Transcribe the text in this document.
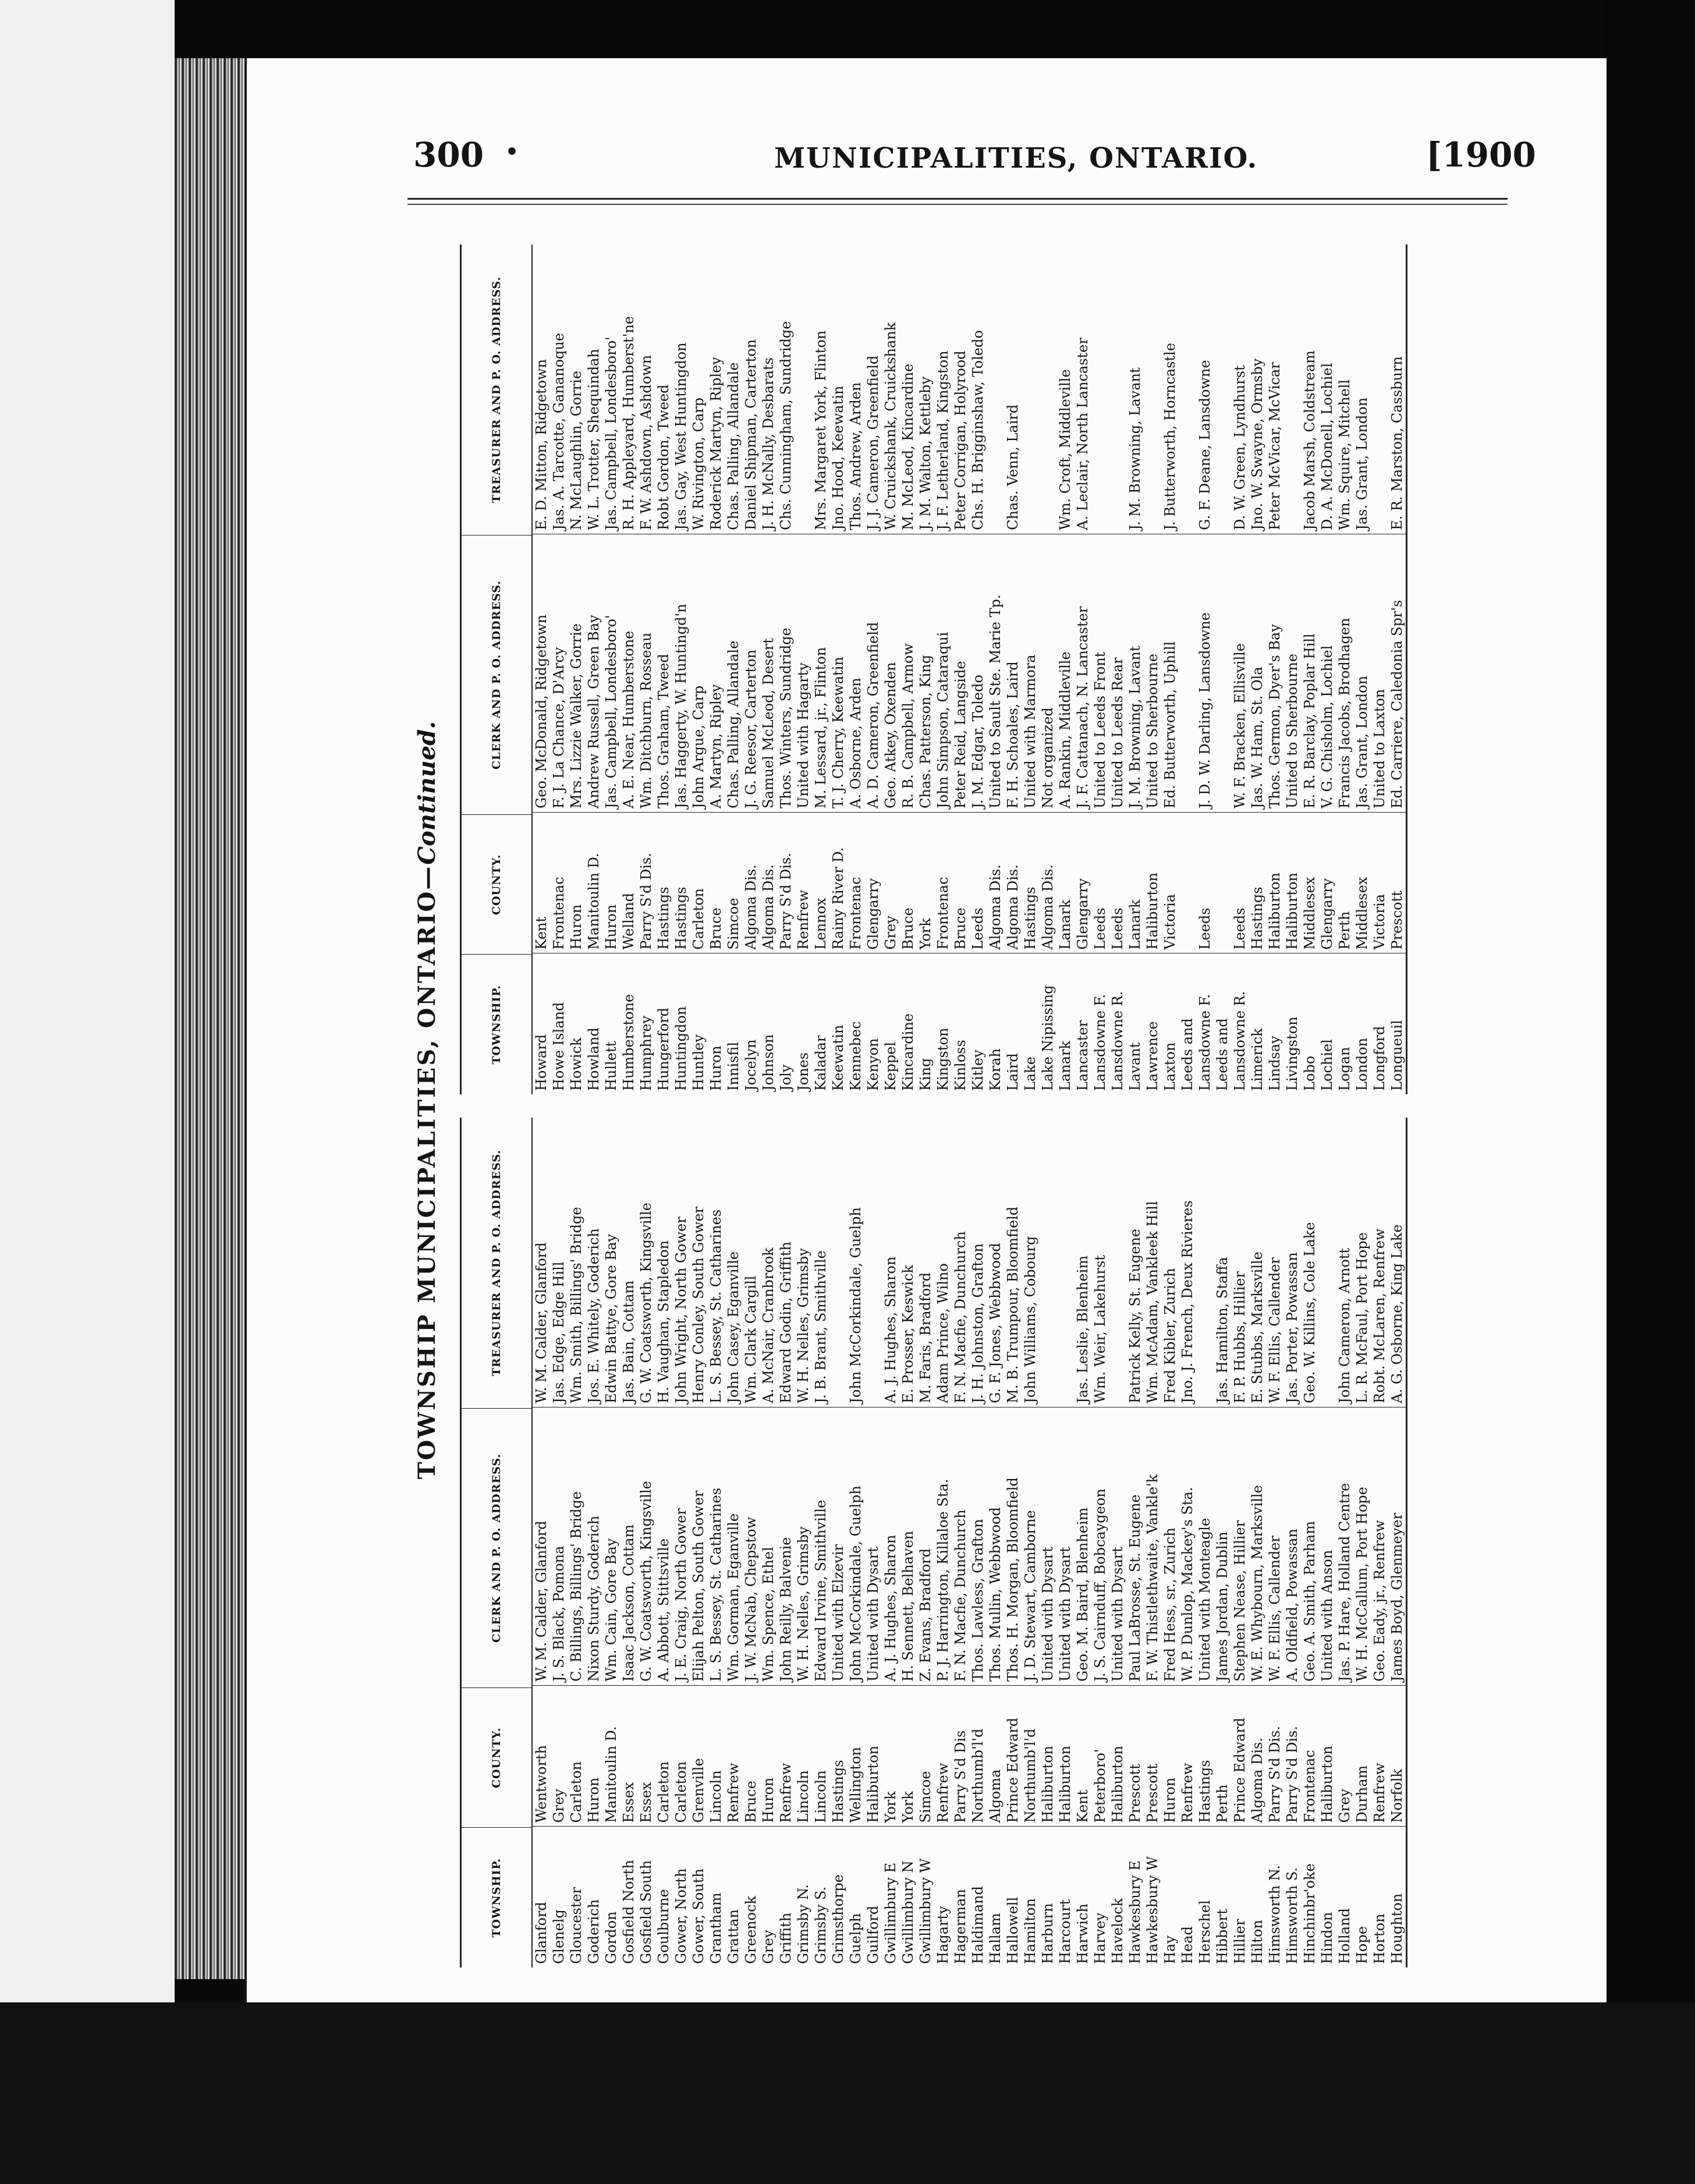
300 •	MUNICIPALITIES, ONTARIO.	[1900
TOWNSHIP MUNICIPALITIES, ONTARIO—Continued.
TOWNSHIP.
COUNTY.
CLERK AND P. O. ADDRESS.
TREASURER AND P. O. ADDRESS.
Glanford
Wentworth
W. M. Calder, Glanford
W. M. Calder, Glanford
Glenelg
Grey
J. S. Black, Pomona
Jas. Edge, Edge Hill
Gloucester
Carleton
C. Billings, Billings' Bridge
Wm. Smith, Billings' Bridge
Goderich
Huron
Nixon Sturdy, Goderich
Jos. E. Whitely, Goderich
Gordon
Manitoulin D.
Wm. Cain, Gore Bay
Edwin Battye, Gore Bay
Gosfield North
Essex
Isaac Jackson, Cottam
Jas. Bain, Cottam
Gosfield South
Essex
G. W. Coatsworth, Kingsville
G. W. Coatsworth, Kingsville
Goulburne
Carleton
A. Abbott, Stittsville
H. Vaughan, Stapledon
Gower, North
Carleton
J. E. Craig, North Gower
John Wright, North Gower
Gower, South
Grenville
Elijah Pelton, South Gower
Henry Conley, South Gower
Grantham
Lincoln
L. S. Bessey, St. Catharines
L. S. Bessey, St. Catharines
Grattan
Renfrew
Wm. Gorman, Eganville
John Casey, Eganville
Greenock
Bruce
J. W. McNab, Chepstow
Wm. Clark Cargill
Grey
Huron
Wm. Spence, Ethel
A. McNair, Cranbrook
Griffith
Renfrew
John Reilly, Balvenie
Edward Godin, Griffith
Grimsby N.
Lincoln
W. H. Nelles, Grimsby
W. H. Nelles, Grimsby
Grimsby S.
Lincoln
Edward Irvine, Smithville
J. B. Brant, Smithville
Grimsthorpe
Hastings
United with Elzevir
Guelph
Wellington
John McCorkindale, Guelph
John McCorkindale, Guelph
Guilford
Haliburton
United with Dysart
Gwillimbury E
York
A. J. Hughes, Sharon
A. J. Hughes, Sharon
Gwillimbury N
York
H. Sennett, Belhaven
E. Prosser, Keswick
Gwillimbury W
Simcoe
Z. Evans, Bradford
M. Faris, Bradford
Hagarty
Renfrew
P. J. Harrington, Killaloe Sta.
Adam Prince, Wilno
Hagerman
Parry S'd Dis
F. N. Macfie, Dunchurch
F. N. Macfie, Dunchurch
Haldimand
Northumb'l'd
Thos. Lawless, Grafton
J. H. Johnston, Grafton
Hallam
Algoma
Thos. Mullin, Webbwood
G. F. Jones, Webbwood
Hallowell
Prince Edward
Thos. H. Morgan, Bloomfield
M. B. Trumpour, Bloomfield
Hamilton
Northumb'l'd
J. D. Stewart, Camborne
John Williams, Cobourg
Harburn
Haliburton
United with Dysart
Harcourt
Haliburton
United with Dysart
Harwich
Kent
Geo. M. Baird, Blenheim
Jas. Leslie, Blenheim
Harvey
Peterboro'
J. S. Cairnduff, Bobcaygeon
Wm. Weir, Lakehurst
Havelock
Haliburton
United with Dysart
Hawkesbury E
Prescott
Paul LaBrosse, St. Eugene
Patrick Kelly, St. Eugene
Hawkesbury W
Prescott
F. W. Thistlethwaite, Vankle'k
Wm. McAdam, Vankleek Hill
Hay
Huron
Fred Hess, sr., Zurich
Fred Kibler, Zurich
Head
Renfrew
W. P. Dunlop, Mackey's Sta.
Jno. J. French, Deux Rivieres
Herschel
Hastings
United with Monteagle
Hibbert
Perth
James Jordan, Dublin
Jas. Hamilton, Staffa
Hillier
Prince Edward
Stephen Nease, Hillier
F. P. Hubbs, Hillier
Hilton
Algoma Dis.
W. E. Whybourn, Marksville
E. Stubbs, Marksville
Himsworth N.
Parry S'd Dis.
W. F. Ellis, Callender
W. F. Ellis, Callender
Himsworth S.
Parry S'd Dis.
A. Oldfield, Powassan
Jas. Porter, Powassan
Hinchinbr'oke
Frontenac
Geo. A. Smith, Parham
Geo. W. Killins, Cole Lake
Hindon
Haliburton
United with Anson
Holland
Grey
Jas. P. Hare, Holland Centre
John Cameron, Arnott
Hope
Durham
W. H. McCallum, Port Hope
L. R. McFaul, Port Hope
Horton
Renfrew
Geo. Eady, jr., Renfrew
Robt. McLaren, Renfrew
Houghton
Norfolk
James Boyd, Glenmeyer
A. G. Osborne, King Lake
TOWNSHIP.
COUNTY.
CLERK AND P. O. ADDRESS.
TREASURER AND P. O. ADDRESS.
Howard
Kent
Geo. McDonald, Ridgetown
E. D. Mitton, Ridgetown
Howe Island
Frontenac
F. J. La Chance, D'Arcy
Jas. A. Tarcotte, Gananoque
Howick
Huron
Mrs. Lizzie Walker, Gorrie
N. McLaughlin, Gorrie
Howland
Manitoulin D.
Andrew Russell, Green Bay
W. L. Trotter, Shequindah
Hullett
Huron
Jas. Campbell, Londesboro'
Jas. Campbell, Londesboro'
Humberstone
Welland
A. E. Near, Humberstone
R. H. Appleyard, Humberst'ne
Humphrey
Parry S'd Dis.
Wm. Ditchburn, Rosseau
F. W. Ashdown, Ashdown
Hungerford
Hastings
Thos. Graham, Tweed
Robt Gordon, Tweed
Huntingdon
Hastings
Jas. Haggerty, W. Huntingd'n
Jas. Gay, West Huntingdon
Huntley
Carleton
John Argue, Carp
W. Rivington, Carp
Huron
Bruce
A. Martyn, Ripley
Roderick Martyn, Ripley
Innisfil
Simcoe
Chas. Palling, Allandale
Chas. Palling, Allandale
Jocelyn
Algoma Dis.
J. G. Reesor, Carterton
Daniel Shipman, Carterton
Johnson
Algoma Dis.
Samuel McLeod, Desert
J. H. McNally, Desbarats
Joly
Parry S'd Dis.
Thos. Winters, Sundridge
Chs. Cunningham, Sundridge
Jones
Renfrew
United with Hagarty
Kaladar
Lennox
M. Lessard, jr., Flinton
Mrs. Margaret York, Flinton
Keewatin
Rainy River D.
T. J. Cherry, Keewatin
Jno. Hood, Keewatin
Kennebec
Frontenac
A. Osborne, Arden
Thos. Andrew, Arden
Kenyon
Glengarry
A. D. Cameron, Greenfield
J. J. Cameron, Greenfield
Keppel
Grey
Geo. Atkey, Oxenden
W. Cruickshank, Cruickshank
Kincardine
Bruce
R. B. Campbell, Armow
M. McLeod, Kincardine
King
York
Chas. Patterson, King
J. M. Walton, Kettleby
Kingston
Frontenac
John Simpson, Cataraqui
J. F. Letherland, Kingston
Kinloss
Bruce
Peter Reid, Langside
Peter Corrigan, Holyrood
Kitley
Leeds
J. M. Edgar, Toledo
Chs. H. Brigginshaw, Toledo
Korah
Algoma Dis.
United to Sault Ste. Marie Tp.
Laird
Algoma Dis.
F. H. Schoales, Laird
Chas. Venn, Laird
Lake
Hastings
United with Marmora
Lake Nipissing
Algoma Dis.
Not organized
Lanark
Lanark
A. Rankin, Middleville
Wm. Croft, Middleville
Lancaster
Glengarry
J. F. Cattanach, N. Lancaster
A. Leclair, North Lancaster
Lansdowne F.
Leeds
United to Leeds Front
Lansdowne R.
Leeds
United to Leeds Rear
Lavant
Lanark
J. M. Browning, Lavant
J. M. Browning, Lavant
Lawrence
Haliburton
United to Sherbourne
Laxton
Victoria
Ed. Butterworth, Uphill
J. Butterworth, Horncastle
Leeds and Lansdowne F.
Leeds
J. D. W. Darling, Lansdowne
G. F. Deane, Lansdowne
Leeds and Lansdowne R.
Leeds
W. F. Bracken, Ellisville
D. W. Green, Lyndhurst
Limerick
Hastings
Jas. W. Ham, St. Ola
Jno. W. Swayne, Ormsby
Lindsay
Haliburton
Thos. Germon, Dyer's Bay
Peter McVicar, McVicar
Livingston
Haliburton
United to Sherbourne
Lobo
Middlesex
E. R. Barclay, Poplar Hill
Jacob Marsh, Coldstream
Lochiel
Glengarry
V. G. Chisholm, Lochiel
D. A. McDonell, Lochiel
Logan
Perth
Francis Jacobs, Brodhagen
Wm. Squire, Mitchell
London
Middlesex
Jas. Grant, London
Jas. Grant, London
Longford
Victoria
United to Laxton
Longueuil
Prescott
Ed. Carriere, Caledonia Spr's
E. R. Marston, Cassburn
